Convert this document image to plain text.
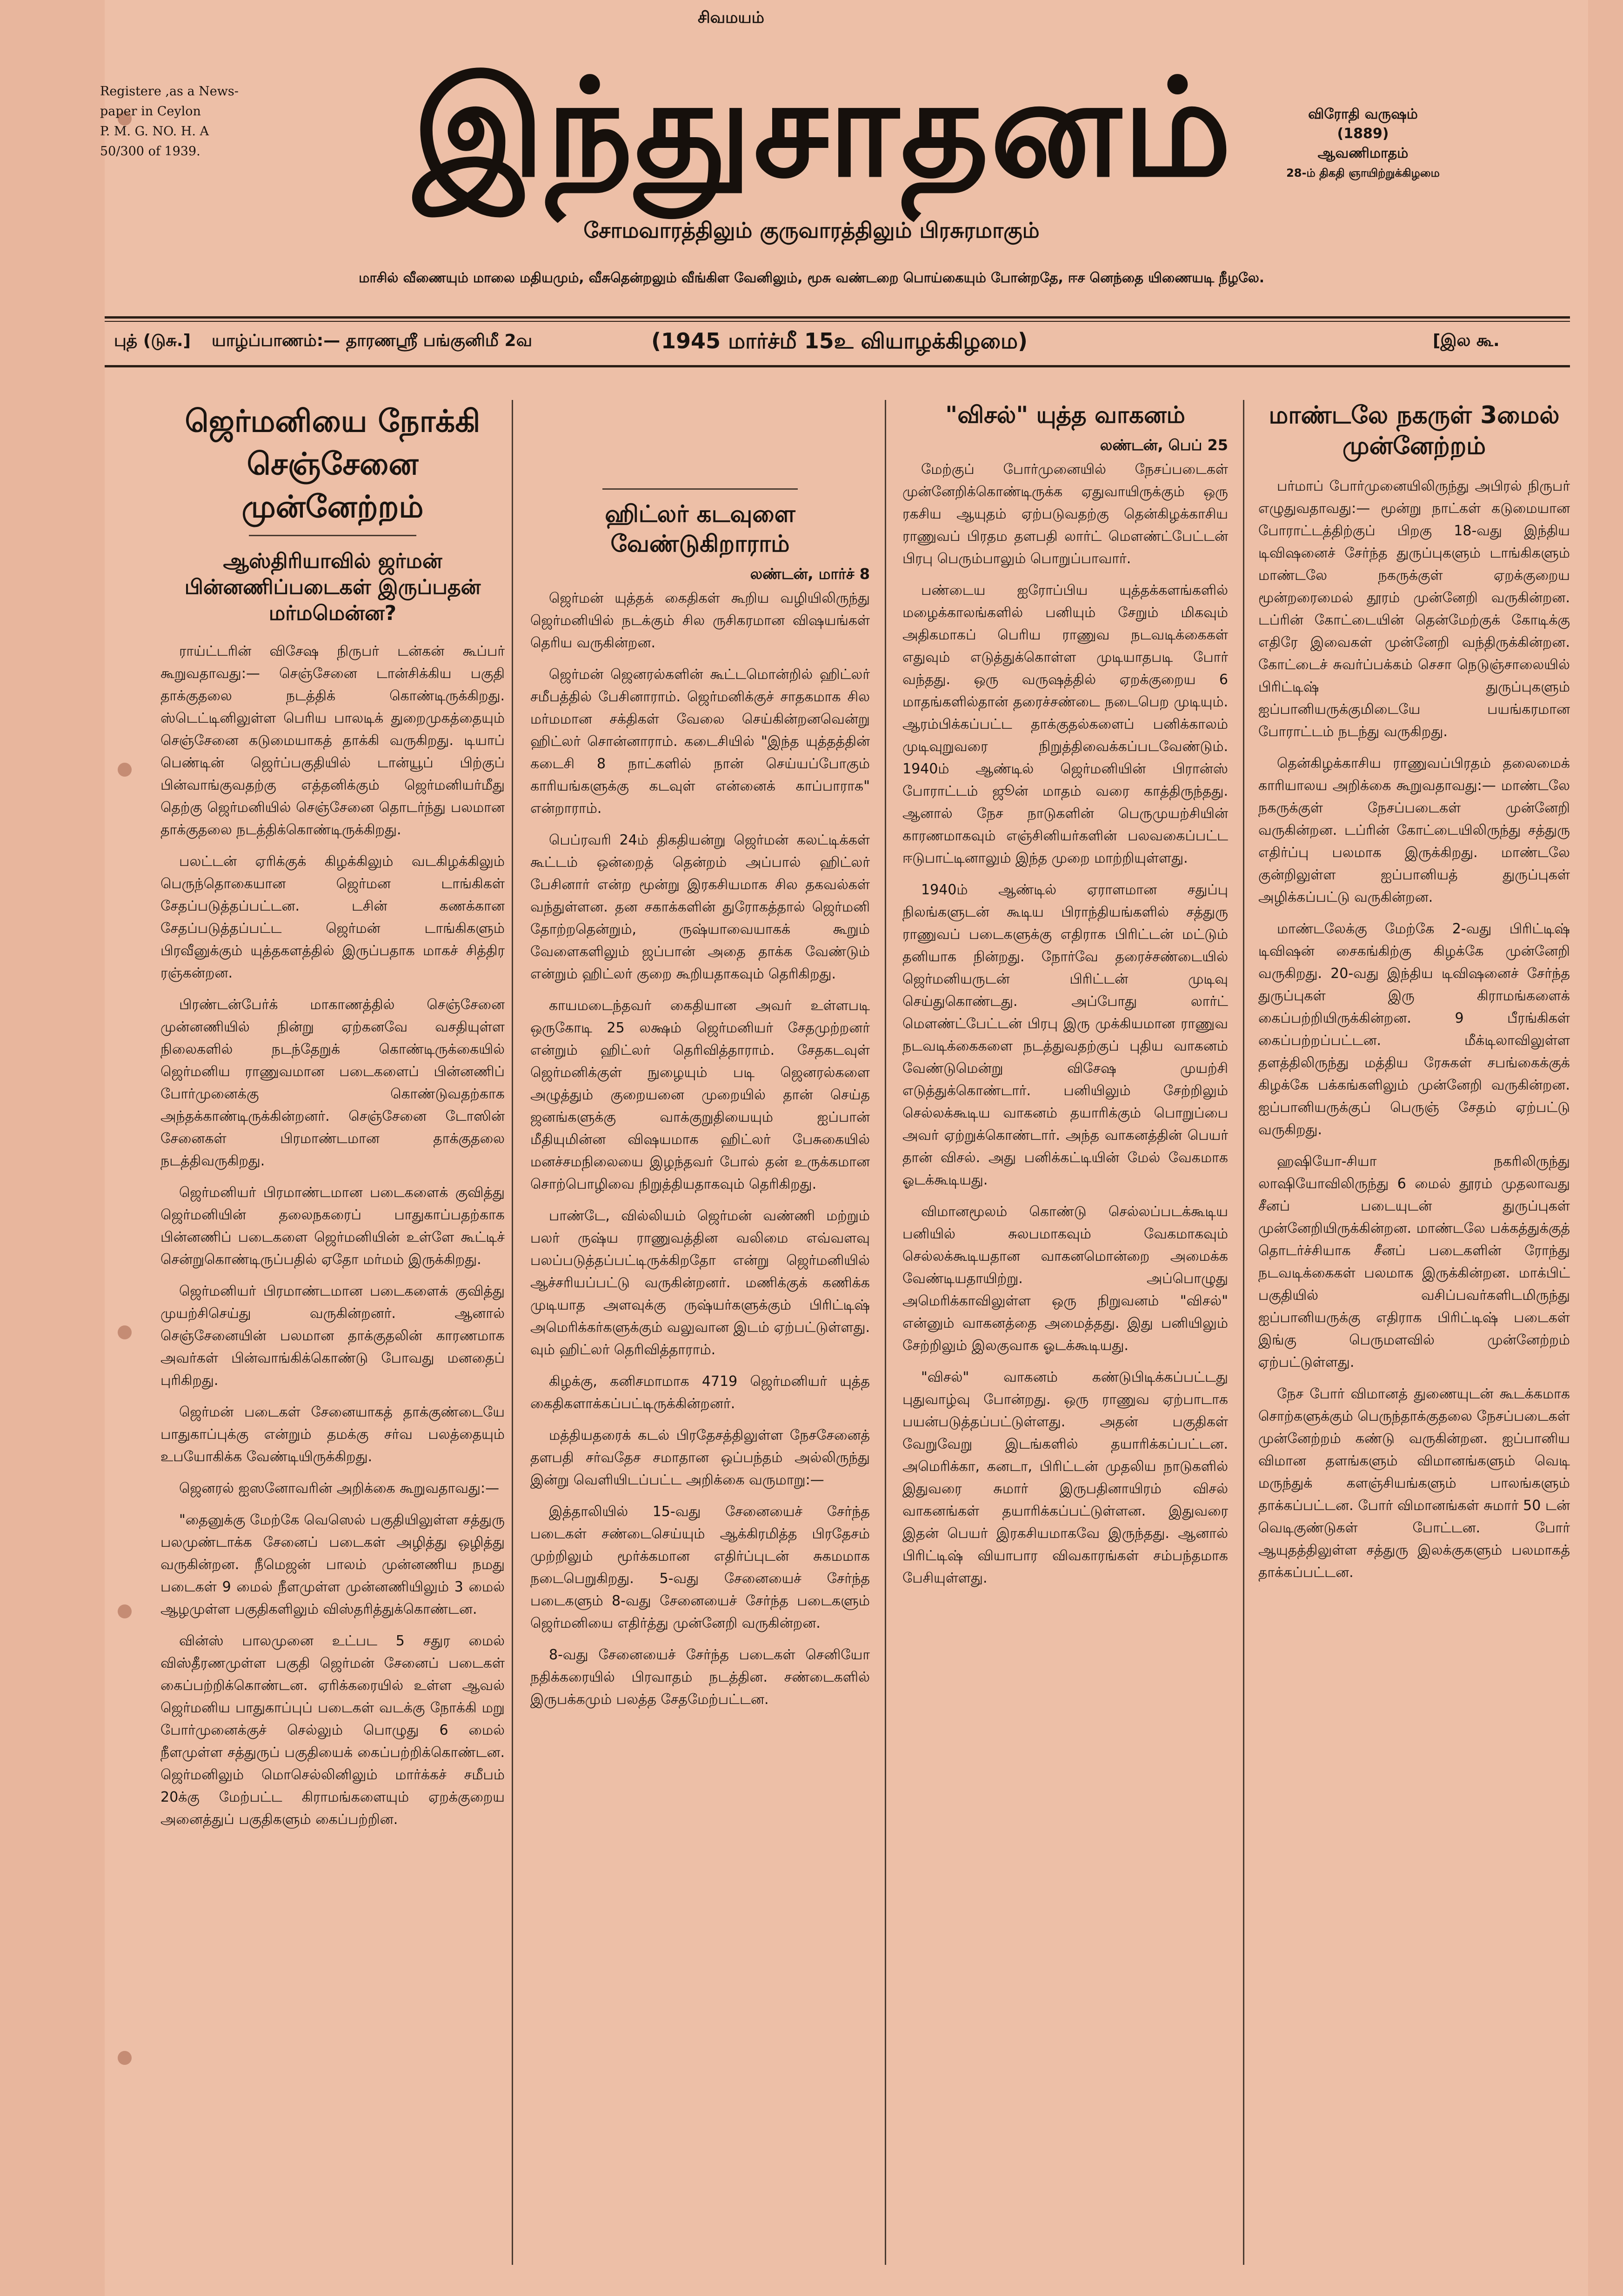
சிவமயம்
Registere ,as a News-
paper in Ceylon
P. M. G. NO. H. A
50/300 of 1939.	இந்துசாதனம்	விரோதி வருஷம்
(1889)
ஆவணிமாதம்
28-ம் திகதி ஞாயிற்றுக்கிழமை
சோமவாரத்திலும் குருவாரத்திலும் பிரசுரமாகும்
மாசில் வீணையும் மாலை மதியமும், வீசுதென்றலும் வீங்கிள வேனிலும், மூசு வண்டறை பொய்கையும் போன்றதே, ஈச னெந்தை யிணையடி நீழலே.
புத் (டுசு.] யாழ்ப்பாணம்:— தாரணஸ்ரீ பங்குனிமீ 2வ	(1945 மார்ச்மீ 15உ வியாழக்கிழமை)	[இல கூ.
ஜெர்மனியை நோக்கி செஞ்சேனை முன்னேற்றம்
ஆஸ்திரியாவில் ஜர்மன் பின்னணிப்படைகள் இருப்பதன் மர்மமென்ன?

ராய்ட்டரின் விசேஷ நிருபர் டன்கன் கூப்பர் கூறுவதாவது:— செஞ்சேனை டான்சிக்கிய பகுதி தாக்குதலை நடத்திக் கொண்டிருக்கிறது. ஸ்டெட்டினிலுள்ள பெரிய பாலடிக் துறைமுகத்தையும் செஞ்சேனை கடுமையாகத் தாக்கி வருகிறது. டியாப் பெண்டின் ஜெர்ப்பகுதியில் டான்யூப் பிற்குப் பின்வாங்குவதற்கு எத்தனிக்கும் ஜெர்மனியர்மீது தெற்கு ஜெர்மனியில் செஞ்சேனை தொடர்ந்து பலமான தாக்குதலை நடத்திக்கொண்டிருக்கிறது.

பலட்டன் ஏரிக்குக் கிழக்கிலும் வடகிழக்கிலும் பெருந்தொகையான ஜெர்மன டாங்கிகள் சேதப்படுத்தப்பட்டன. டசின் கணக்கான சேதப்படுத்தப்பட்ட ஜெர்மன் டாங்கிகளும் பிரவீனுக்கும் யுத்தகளத்தில் இருப்பதாக மாகச் சித்திர ரஞ்கன்றன.

பிரண்டன்பேர்க் மாகாணத்தில் செஞ்சேனை முன்னணியில் நின்று ஏற்கனவே வசதியுள்ள நிலைகளில் நடந்தேறுக் கொண்டிருக்கையில் ஜெர்மனிய ராணுவமான படைகளைப் பின்னணிப் போர்முனைக்கு கொண்டுவதற்காக அந்தக்காண்டிருக்கின்றனர். செஞ்சேனை டோஸின் சேனைகள் பிரமாண்டமான தாக்குதலை நடத்திவருகிறது.

ஜெர்மனியர் பிரமாண்டமான படைகளைக் குவித்து ஜெர்மனியின் தலைநகரைப் பாதுகாப்பதற்காக பின்னணிப் படைகளை ஜெர்மனியின் உள்ளே கூட்டிச் சென்றுகொண்டிருப்பதில் ஏதோ மர்மம் இருக்கிறது.

ஜெர்மனியர் பிரமாண்டமான படைகளைக் குவித்து முயற்சிசெய்து வருகின்றனர். ஆனால் செஞ்சேனையின் பலமான தாக்குதலின் காரணமாக அவர்கள் பின்வாங்கிக்கொண்டு போவது மனதைப் புரிகிறது.

ஜெர்மன் படைகள் சேனையாகத் தாக்குண்டையே பாதுகாப்புக்கு என்றும் தமக்கு சர்வ பலத்தையும் உபயோகிக்க வேண்டியிருக்கிறது.

ஜெனரல் ஐஸனோவரின் அறிக்கை கூறுவதாவது:—

"தைனுக்கு மேற்கே வெஸெல் பகுதியிலுள்ள சத்துரு பலமுண்டாக்க சேனைப் படைகள் அழித்து ஒழித்து வருகின்றன. நீமெஜன் பாலம் முன்னணிய நமது படைகள் 9 மைல் நீளமுள்ள முன்னணியிலும் 3 மைல் ஆழமுள்ள பகுதிகளிலும் விஸ்தரித்துக்கொண்டன.

வின்ஸ் பாலமுனை உட்பட 5 சதுர மைல் விஸ்தீரணமுள்ள பகுதி ஜெர்மன் சேனைப் படைகள் கைப்பற்றிக்கொண்டன. ஏரிக்கரையில் உள்ள ஆவல் ஜெர்மனிய பாதுகாப்புப் படைகள் வடக்கு நோக்கி மறு போர்முனைக்குச் செல்லும் பொழுது 6 மைல் நீளமுள்ள சத்துருப் பகுதியைக் கைப்பற்றிக்கொண்டன. ஜெர்மனிலும் மொசெல்லினிலும் மார்க்கச் சமீபம் 20க்கு மேற்பட்ட கிராமங்களையும் ஏறக்குறைய அனைத்துப் பகுதிகளும் கைப்பற்றின.

ஹிட்லர் கடவுளை வேண்டுகிறாராம்
லண்டன், மார்ச் 8

ஜெர்மன் யுத்தக் கைதிகள் கூறிய வழியிலிருந்து ஜெர்மனியில் நடக்கும் சில ருசிகரமான விஷயங்கள் தெரிய வருகின்றன.

ஜெர்மன் ஜெனரல்களின் கூட்டமொன்றில் ஹிட்லர் சமீபத்தில் பேசினாராம். ஜெர்மனிக்குச் சாதகமாக சில மர்மமான சக்திகள் வேலை செய்கின்றனவென்று ஹிட்லர் சொன்னாராம். கடைசியில் "இந்த யுத்தத்தின் கடைசி 8 நாட்களில் நான் செய்யப்போகும் காரியங்களுக்கு கடவுள் என்னைக் காப்பாராக" என்றாராம்.

பெப்ரவரி 24ம் திகதியன்று ஜெர்மன் கலட்டிக்கள் கூட்டம் ஒன்றைத் தென்றம் அப்பால் ஹிட்லர் பேசினார் என்ற மூன்று இரகசியமாக சில தகவல்கள் வந்துள்ளன. தன சகாக்களின் துரோகத்தால் ஜெர்மனி தோற்றதென்றும், ருஷ்யாவையாகக் கூறும் வேளைகளிலும் ஜப்பான் அதை தாக்க வேண்டும் என்றும் ஹிட்லர் குறை கூறியதாகவும் தெரிகிறது.

காயமடைந்தவர் கைதியான அவர் உள்ளபடி ஒருகோடி 25 லக்ஷம் ஜெர்மனியர் சேதமுற்றனர் என்றும் ஹிட்லர் தெரிவித்தாராம். சேதகடவுள் ஜெர்மனிக்குள் நுழையும் படி ஜெனரல்களை அழுத்தும் குறையனை முறையில் தான் செய்த ஜனங்களுக்கு வாக்குறுதியையும் ஐப்பான் மீதியுமின்ன விஷயமாக ஹிட்லர் பேசுகையில் மனச்சமநிலையை இழந்தவர் போல் தன் உருக்கமான சொற்பொழிவை நிறுத்தியதாகவும் தெரிகிறது.

பாண்டே, வில்லியம் ஜெர்மன் வண்ணி மற்றும் பலர் ருஷ்ய ராணுவத்தின வலிமை எவ்வளவு பலப்படுத்தப்பட்டிருக்கிறதோ என்று ஜெர்மனியில் ஆச்சரியப்பட்டு வருகின்றனர். மணிக்குக் கணிக்க முடியாத அளவுக்கு ருஷ்யர்களுக்கும் பிரிட்டிஷ் அமெரிக்கர்களுக்கும் வலுவான இடம் ஏற்பட்டுள்ளது. வும் ஹிட்லர் தெரிவித்தாராம்.

கிழக்கு, கனிசமாமாக 4719 ஜெர்மனியர் யுத்த கைதிகளாக்கப்பட்டிருக்கின்றனர்.

மத்தியதரைக் கடல் பிரதேசத்திலுள்ள நேசசேனைத் தளபதி சர்வதேச சமாதான ஒப்பந்தம் அல்லிருந்து இன்று வெளியிடப்பட்ட அறிக்கை வருமாறு:—

இத்தாலியில் 15-வது சேனையைச் சேர்ந்த படைகள் சண்டைசெய்யும் ஆக்கிரமித்த பிரதேசம் முற்றிலும் மூர்க்கமான எதிர்ப்புடன் சுகமமாக நடைபெறுகிறது. 5-வது சேனையைச் சேர்ந்த படைகளும் 8-வது சேனையைச் சேர்ந்த படைகளும் ஜெர்மனியை எதிர்த்து முன்னேறி வருகின்றன.

8-வது சேனையைச் சேர்ந்த படைகள் செனியோ நதிக்கரையில் பிரவாதம் நடத்தின. சண்டைகளில் இருபக்கமும் பலத்த சேதமேற்பட்டன.

"விசல்" யுத்த வாகனம்
லண்டன், பெப் 25

மேற்குப் போர்முனையில் நேசப்படைகள் முன்னேறிக்கொண்டிருக்க ஏதுவாயிருக்கும் ஒரு ரகசிய ஆயுதம் ஏற்படுவதற்கு தென்கிழக்காசிய ராணுவப் பிரதம தளபதி லார்ட் மௌண்ட்பேட்டன் பிரபு பெரும்பாலும் பொறுப்பாவார்.

பண்டைய ஐரோப்பிய யுத்தக்களங்களில் மழைக்காலங்களில் பனியும் சேறும் மிகவும் அதிகமாகப் பெரிய ராணுவ நடவடிக்கைகள் எதுவும் எடுத்துக்கொள்ள முடியாதபடி போர் வந்தது. ஒரு வருஷத்தில் ஏறக்குறைய 6 மாதங்களில்தான் தரைச்சண்டை நடைபெற முடியும். ஆரம்பிக்கப்பட்ட தாக்குதல்களைப் பனிக்காலம் முடிவுறுவரை நிறுத்திவைக்கப்படவேண்டும். 1940ம் ஆண்டில் ஜெர்மனியின் பிரான்ஸ் போராட்டம் ஜூன் மாதம் வரை காத்திருந்தது. ஆனால் நேச நாடுகளின் பெருமுயற்சியின் காரணமாகவும் எஞ்சினியர்களின் பலவகைப்பட்ட ஈடுபாட்டினாலும் இந்த முறை மாற்றியுள்ளது.

1940ம் ஆண்டில் ஏராளமான சதுப்பு நிலங்களுடன் கூடிய பிராந்தியங்களில் சத்துரு ராணுவப் படைகளுக்கு எதிராக பிரிட்டன் மட்டும் தனியாக நின்றது. நோர்வே தரைச்சண்டையில் ஜெர்மனியருடன் பிரிட்டன் முடிவு செய்துகொண்டது. அப்போது லார்ட் மௌண்ட்பேட்டன் பிரபு இரு முக்கியமான ராணுவ நடவடிக்கைகளை நடத்துவதற்குப் புதிய வாகனம் வேண்டுமென்று விசேஷ முயற்சி எடுத்துக்கொண்டார். பனியிலும் சேற்றிலும் செல்லக்கூடிய வாகனம் தயாரிக்கும் பொறுப்பை அவர் ஏற்றுக்கொண்டார். அந்த வாகனத்தின் பெயர் தான் விசல். அது பனிக்கட்டியின் மேல் வேகமாக ஓடக்கூடியது.

விமானமூலம் கொண்டு செல்லப்படக்கூடிய பனியில் சுலபமாகவும் வேகமாகவும் செல்லக்கூடியதான வாகனமொன்றை அமைக்க வேண்டியதாயிற்று. அப்பொழுது அமெரிக்காவிலுள்ள ஒரு நிறுவனம் "விசல்" என்னும் வாகனத்தை அமைத்தது. இது பனியிலும் சேற்றிலும் இலகுவாக ஓடக்கூடியது.

"விசல்" வாகனம் கண்டுபிடிக்கப்பட்டது புதுவாழ்வு போன்றது. ஒரு ராணுவ ஏற்பாடாக பயன்படுத்தப்பட்டுள்ளது. அதன் பகுதிகள் வேறுவேறு இடங்களில் தயாரிக்கப்பட்டன. அமெரிக்கா, கனடா, பிரிட்டன் முதலிய நாடுகளில் இதுவரை சுமார் இருபதினாயிரம் விசல் வாகனங்கள் தயாரிக்கப்பட்டுள்ளன. இதுவரை இதன் பெயர் இரகசியமாகவே இருந்தது. ஆனால் பிரிட்டிஷ் வியாபார விவகாரங்கள் சம்பந்தமாக பேசியுள்ளது.

மாண்டலே நகருள் 3மைல் முன்னேற்றம்

பர்மாப் போர்முனையிலிருந்து அபிரல் நிருபர் எழுதுவதாவது:— மூன்று நாட்கள் கடுமையான போராட்டத்திற்குப் பிறகு 18-வது இந்திய டிவிஷனைச் சேர்ந்த துருப்புகளும் டாங்கிகளும் மாண்டலே நகருக்குள் ஏறக்குறைய மூன்றரைமைல் தூரம் முன்னேறி வருகின்றன. டப்ரின் கோட்டையின் தென்மேற்குக் கோடிக்கு எதிரே இவைகள் முன்னேறி வந்திருக்கின்றன. கோட்டைச் சுவர்ப்பக்கம் செசா நெடுஞ்சாலையில் பிரிட்டிஷ் துருப்புகளும் ஐப்பானியருக்குமிடையே பயங்கரமான போராட்டம் நடந்து வருகிறது.

தென்கிழக்காசிய ராணுவப்பிரதம் தலைமைக் காரியாலய அறிக்கை கூறுவதாவது:— மாண்டலே நகருக்குள் நேசப்படைகள் முன்னேறி வருகின்றன. டப்ரின் கோட்டையிலிருந்து சத்துரு எதிர்ப்பு பலமாக இருக்கிறது. மாண்டலே குன்றிலுள்ள ஐப்பானியத் துருப்புகள் அழிக்கப்பட்டு வருகின்றன.

மாண்டலேக்கு மேற்கே 2-வது பிரிட்டிஷ் டிவிஷன் சைகங்கிற்கு கிழக்கே முன்னேறி வருகிறது. 20-வது இந்திய டிவிஷனைச் சேர்ந்த துருப்புகள் இரு கிராமங்களைக் கைப்பற்றியிருக்கின்றன. 9 பீரங்கிகள் கைப்பற்றப்பட்டன. மீக்டிலாவிலுள்ள தளத்திலிருந்து மத்திய ரேசுகள் சபங்கைக்குக் கிழக்கே பக்கங்களிலும் முன்னேறி வருகின்றன. ஐப்பானியருக்குப் பெருஞ் சேதம் ஏற்பட்டு வருகிறது.

ஹஷியோ-சியா நகரிலிருந்து லாஷியோவிலிருந்து 6 மைல் தூரம் முதலாவது சீனப் படையுடன் துருப்புகள் முன்னேறியிருக்கின்றன. மாண்டலே பக்கத்துக்குத் தொடர்ச்சியாக சீனப் படைகளின் ரோந்து நடவடிக்கைகள் பலமாக இருக்கின்றன. மாக்பிட் பகுதியில் வசிப்பவர்களிடமிருந்து ஐப்பானியருக்கு எதிராக பிரிட்டிஷ் படைகள் இங்கு பெருமளவில் முன்னேற்றம் ஏற்பட்டுள்ளது.

நேச போர் விமானத் துணையுடன் கூடக்கமாக சொற்களுக்கும் பெருந்தாக்குதலை நேசப்படைகள் முன்னேற்றம் கண்டு வருகின்றன. ஐப்பானிய விமான தளங்களும் விமானங்களும் வெடி மருந்துக் களஞ்சியங்களும் பாலங்களும் தாக்கப்பட்டன. போர் விமானங்கள் சுமார் 50 டன் வெடிகுண்டுகள் போட்டன. போர் ஆயுதத்திலுள்ள சத்துரு இலக்குகளும் பலமாகத் தாக்கப்பட்டன.
